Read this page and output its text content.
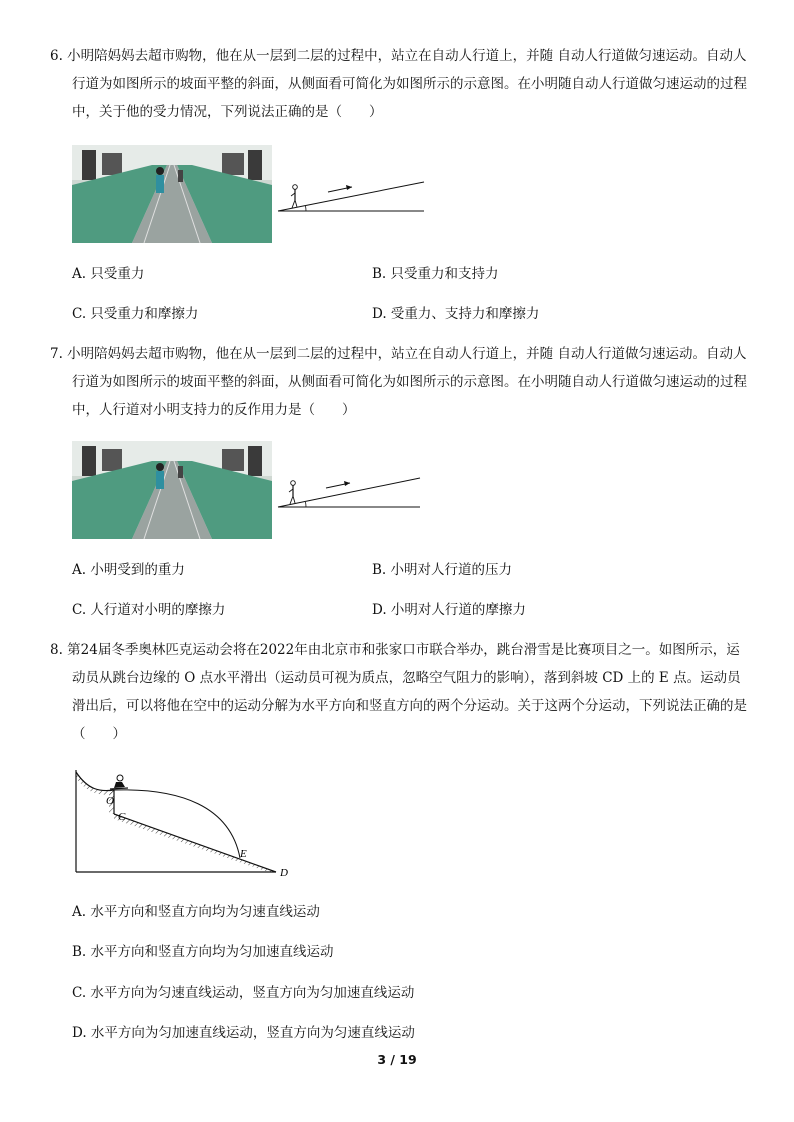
6. 小明陪妈妈去超市购物，他在从一层到二层的过程中，站立在自动人行道上，并随 自动人行道做匀速运动。自动人行道为如图所示的坡面平整的斜面，从侧面看可简化为如图所示的示意图。在小明随自动人行道做匀速运动的过程中，关于他的受力情况，下列说法正确的是（　　）

A. 只受重力	B. 只受重力和支持力
C. 只受重力和摩擦力	D. 受重力、支持力和摩擦力

7. 小明陪妈妈去超市购物，他在从一层到二层的过程中，站立在自动人行道上，并随 自动人行道做匀速运动。自动人行道为如图所示的坡面平整的斜面，从侧面看可简化为如图所示的示意图。在小明随自动人行道做匀速运动的过程中，人行道对小明支持力的反作用力是（　　）

A. 小明受到的重力	B. 小明对人行道的压力
C. 人行道对小明的摩擦力	D. 小明对人行道的摩擦力

8. 第24届冬季奥林匹克运动会将在2022年由北京市和张家口市联合举办，跳台滑雪是比赛项目之一。如图所示，运动员从跳台边缘的 O 点水平滑出（运动员可视为质点，忽略空气阻力的影响），落到斜坡 CD 上的 E 点。运动员滑出后，可以将他在空中的运动分解为水平方向和竖直方向的两个分运动。关于这两个分运动，下列说法正确的是（　　）

O
C
E
D
A. 水平方向和竖直方向均为匀速直线运动
B. 水平方向和竖直方向均为匀加速直线运动
C. 水平方向为匀速直线运动，竖直方向为匀加速直线运动
D. 水平方向为匀加速直线运动，竖直方向为匀速直线运动
3 / 19
